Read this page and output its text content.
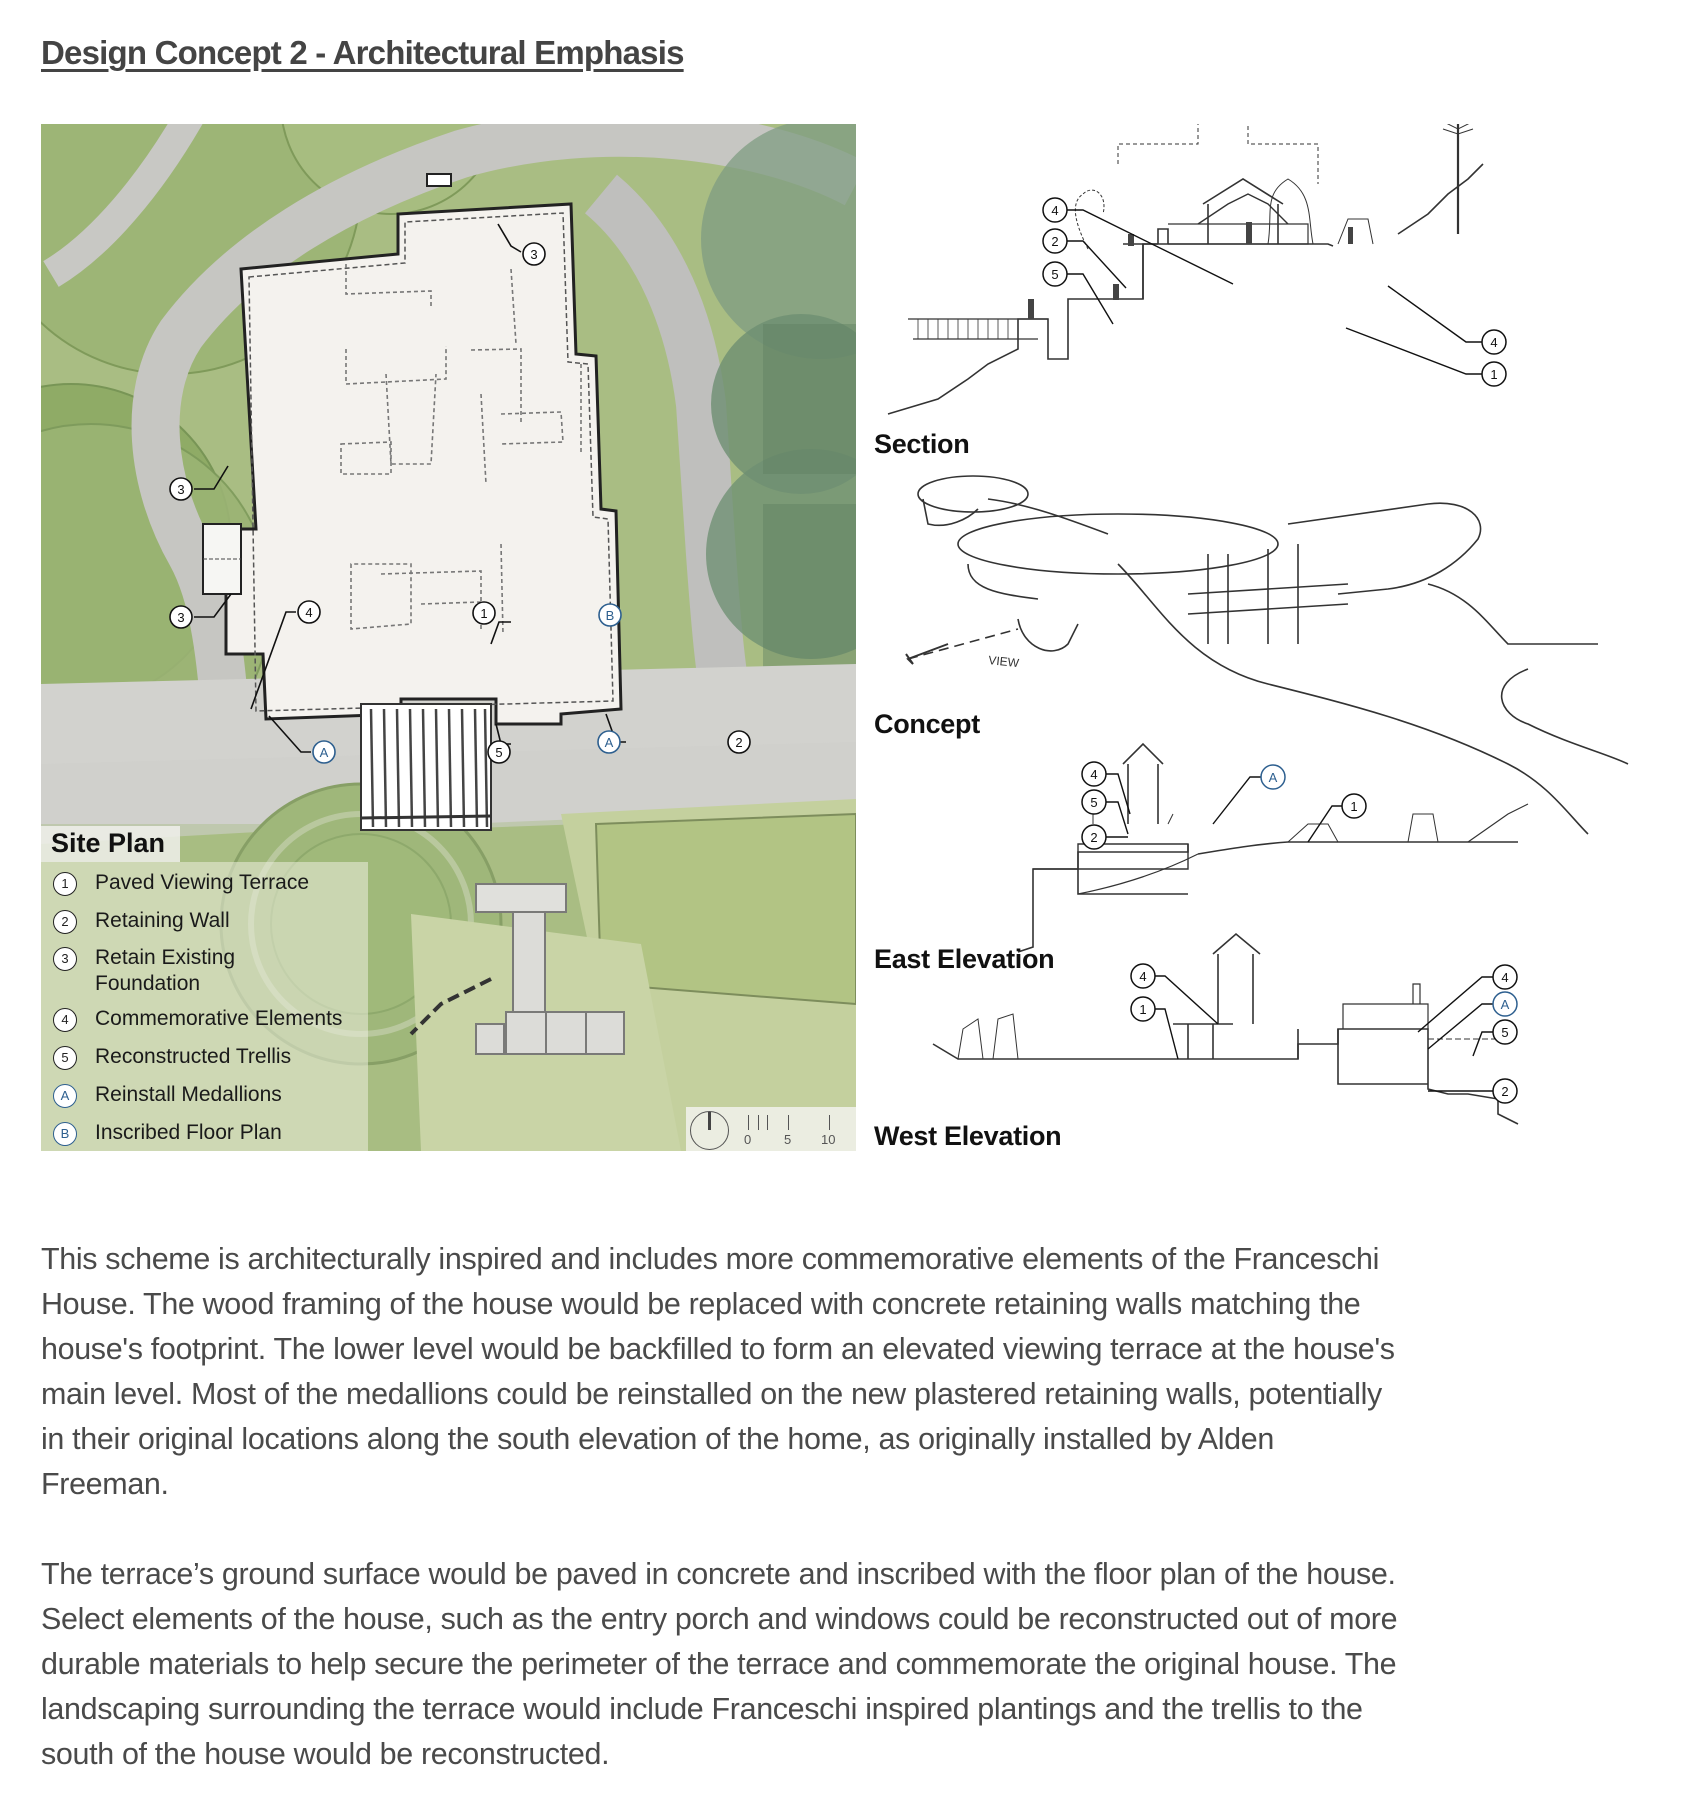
Design Concept 2 - Architectural Emphasis
3
3
3	4	1	B
A	5
A	2
Site Plan
1	Paved Viewing Terrace
2	Retaining Wall
3	Retain Existing
Foundation
4	Commemorative Elements
5	Reconstructed Trellis
A	Reinstall Medallions
B	Inscribed Floor Plan	0	5 10
4
2
5
4
1
VIEW
4
5
2
A
1
4
1
4
A
5
2
Section
Concept
East Elevation
West Elevation

This scheme is architecturally inspired and includes more commemorative elements of the Franceschi
House. The wood framing of the house would be replaced with concrete retaining walls matching the
house's footprint. The lower level would be backfilled to form an elevated viewing terrace at the house's
main level. Most of the medallions could be reinstalled on the new plastered retaining walls, potentially
in their original locations along the south elevation of the home, as originally installed by Alden
Freeman.

The terrace’s ground surface would be paved in concrete and inscribed with the floor plan of the house.
Select elements of the house, such as the entry porch and windows could be reconstructed out of more
durable materials to help secure the perimeter of the terrace and commemorate the original house. The
landscaping surrounding the terrace would include Franceschi inspired plantings and the trellis to the
south of the house would be reconstructed.
